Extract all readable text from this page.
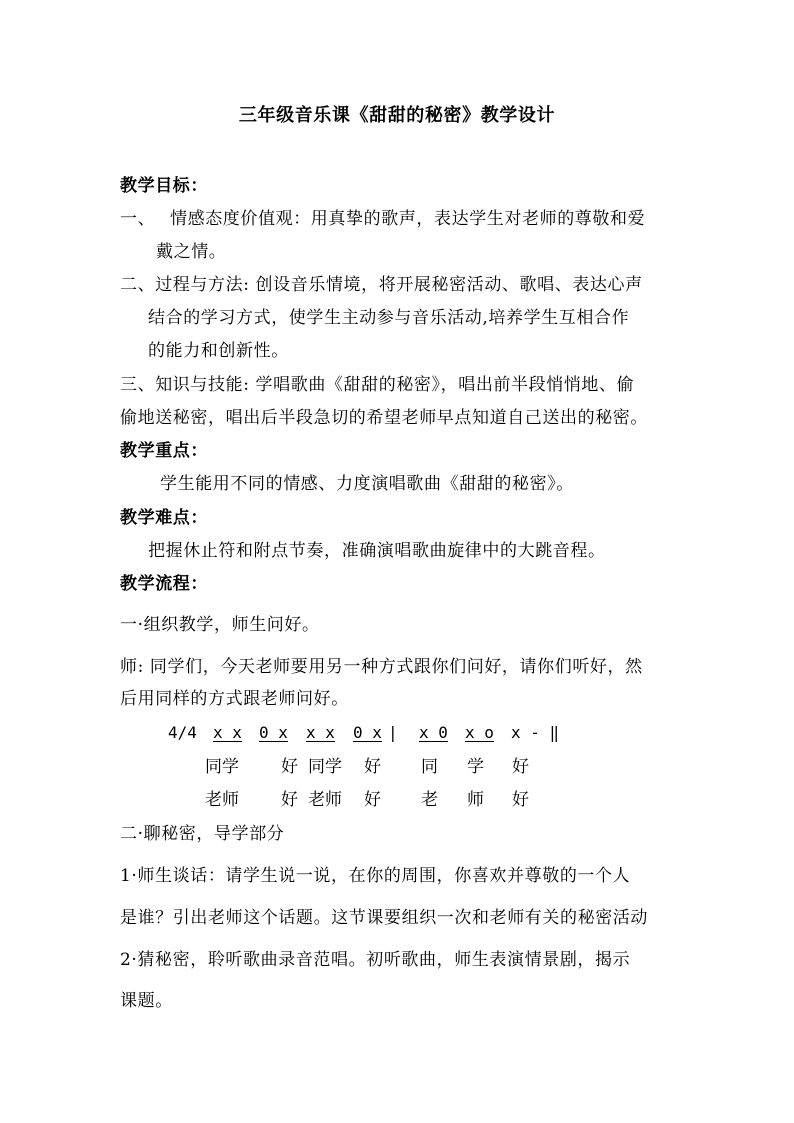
三年级音乐课《甜甜的秘密》教学设计
教学目标：
一、 情感态度价值观：用真挚的歌声，表达学生对老师的尊敬和爱
戴之情。
二、过程与方法: 创设音乐情境，将开展秘密活动、歌唱、表达心声
结合的学习方式，使学生主动参与音乐活动,培养学生互相合作
的能力和创新性。
三、知识与技能: 学唱歌曲《甜甜的秘密》，唱出前半段悄悄地、偷
偷地送秘密，唱出后半段急切的希望老师早点知道自己送出的秘密。
教学重点：
学生能用不同的情感、力度演唱歌曲《甜甜的秘密》。
教学难点：
把握休止符和附点节奏，准确演唱歌曲旋律中的大跳音程。
教学流程：
一·组织教学，师生问好。
师: 同学们，今天老师要用另一种方式跟你们问好，请你们听好，然
后用同样的方式跟老师问好。
4/4 x x 0 x x x 0 x | x 0 x o x - ‖
同学 好 同学 好 同 学 好
老师 好 老师 好 老 师 好
二·聊秘密，导学部分
1·师生谈话：请学生说一说，在你的周围，你喜欢并尊敬的一个人
是谁？引出老师这个话题。这节课要组织一次和老师有关的秘密活动
2·猜秘密，聆听歌曲录音范唱。初听歌曲，师生表演情景剧，揭示
课题。
